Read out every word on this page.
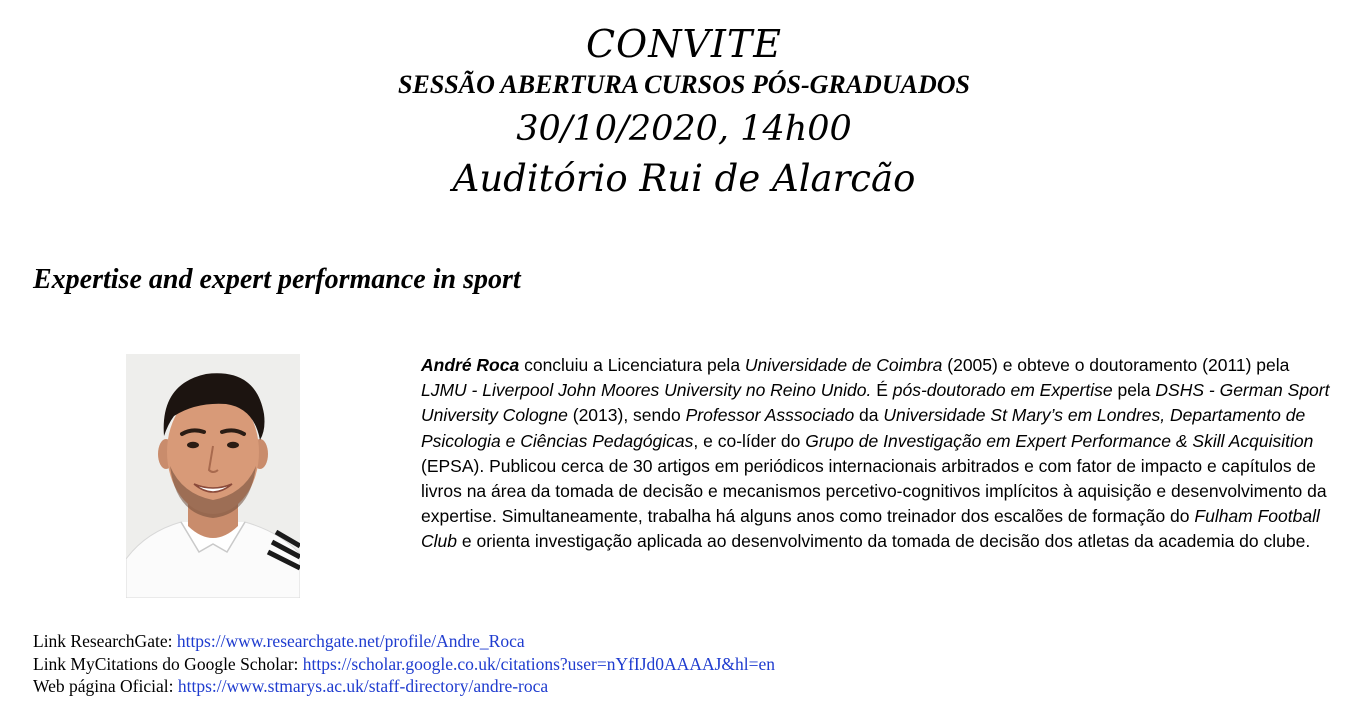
CONVITE
SESSÃO ABERTURA CURSOS PÓS-GRADUADOS
30/10/2020, 14h00
Auditório Rui de Alarcão
Expertise and expert performance in sport
André Roca concluiu a Licenciatura pela Universidade de Coimbra (2005) e obteve o doutoramento (2011) pela LJMU - Liverpool John Moores University no Reino Unido. É pós-doutorado em Expertise pela DSHS - German Sport University Cologne (2013), sendo Professor Asssociado da Universidade St Mary’s em Londres, Departamento de Psicologia e Ciências Pedagógicas, e co-líder do Grupo de Investigação em Expert Performance & Skill Acquisition (EPSA). Publicou cerca de 30 artigos em periódicos internacionais arbitrados e com fator de impacto e capítulos de livros na área da tomada de decisão e mecanismos percetivo-cognitivos implícitos à aquisição e desenvolvimento da expertise. Simultaneamente, trabalha há alguns anos como treinador dos escalões de formação do Fulham Football Club e orienta investigação aplicada ao desenvolvimento da tomada de decisão dos atletas da academia do clube.
Link ResearchGate: https://www.researchgate.net/profile/Andre_Roca
Link MyCitations do Google Scholar: https://scholar.google.co.uk/citations?user=nYfIJd0AAAAJ&hl=en
Web página Oficial: https://www.stmarys.ac.uk/staff-directory/andre-roca
